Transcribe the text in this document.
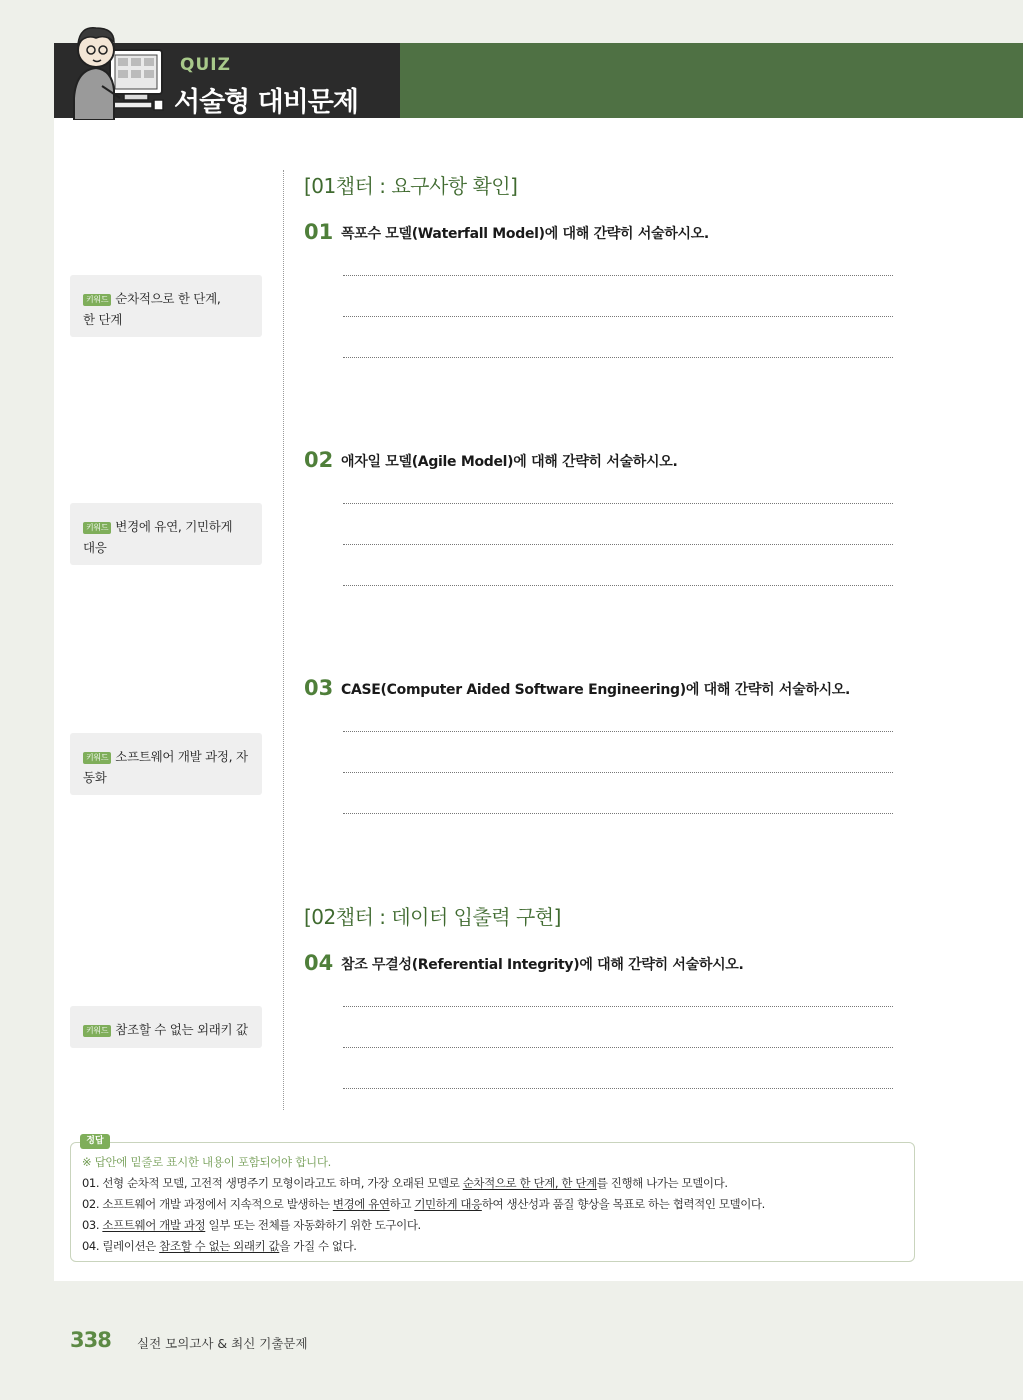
QUIZ
서술형 대비문제
[01챕터 : 요구사항 확인]
01 폭포수 모델(Waterfall Model)에 대해 간략히 서술하시오.
키워드 순차적으로 한 단계,
한 단계
02 애자일 모델(Agile Model)에 대해 간략히 서술하시오.
키워드 변경에 유연, 기민하게
대응
03 CASE(Computer Aided Software Engineering)에 대해 간략히 서술하시오.
키워드 소프트웨어 개발 과정, 자
동화
[02챕터 : 데이터 입출력 구현]
04 참조 무결성(Referential Integrity)에 대해 간략히 서술하시오.
키워드 참조할 수 없는 외래키 값
정답
※ 답안에 밑줄로 표시한 내용이 포함되어야 합니다.
01. 선형 순차적 모델, 고전적 생명주기 모형이라고도 하며, 가장 오래된 모델로 순차적으로 한 단계, 한 단계를 진행해 나가는 모델이다.
02. 소프트웨어 개발 과정에서 지속적으로 발생하는 변경에 유연하고 기민하게 대응하여 생산성과 품질 향상을 목표로 하는 협력적인 모델이다.
03. 소프트웨어 개발 과정 일부 또는 전체를 자동화하기 위한 도구이다.
04. 릴레이션은 참조할 수 없는 외래키 값을 가질 수 없다.
338 실전 모의고사 & 최신 기출문제
